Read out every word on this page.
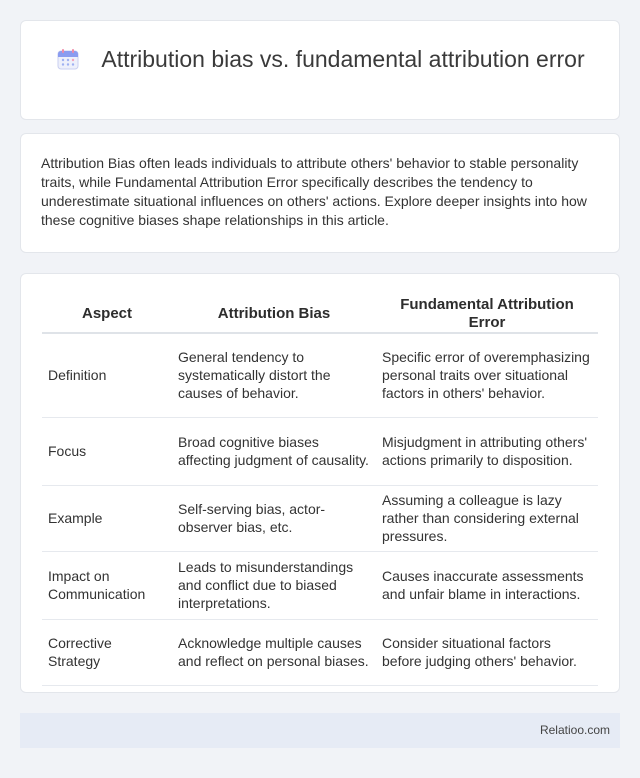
Attribution bias vs. fundamental attribution error

Attribution Bias often leads individuals to attribute others' behavior to stable personality traits, while Fundamental Attribution Error specifically describes the tendency to underestimate situational influences on others' actions. Explore deeper insights into how these cognitive biases shape relationships in this article.

Aspect	Attribution Bias	Fundamental Attribution Error
Definition	General tendency to systematically distort the causes of behavior.	Specific error of overemphasizing personal traits over situational factors in others' behavior.
Focus	Broad cognitive biases affecting judgment of causality.	Misjudgment in attributing others' actions primarily to disposition.
Example	Self-serving bias, actor-observer bias, etc.	Assuming a colleague is lazy rather than considering external pressures.
Impact on Communication	Leads to misunderstandings and conflict due to biased interpretations.	Causes inaccurate assessments and unfair blame in interactions.
Corrective Strategy	Acknowledge multiple causes and reflect on personal biases.	Consider situational factors before judging others' behavior.
Relatioo.com
